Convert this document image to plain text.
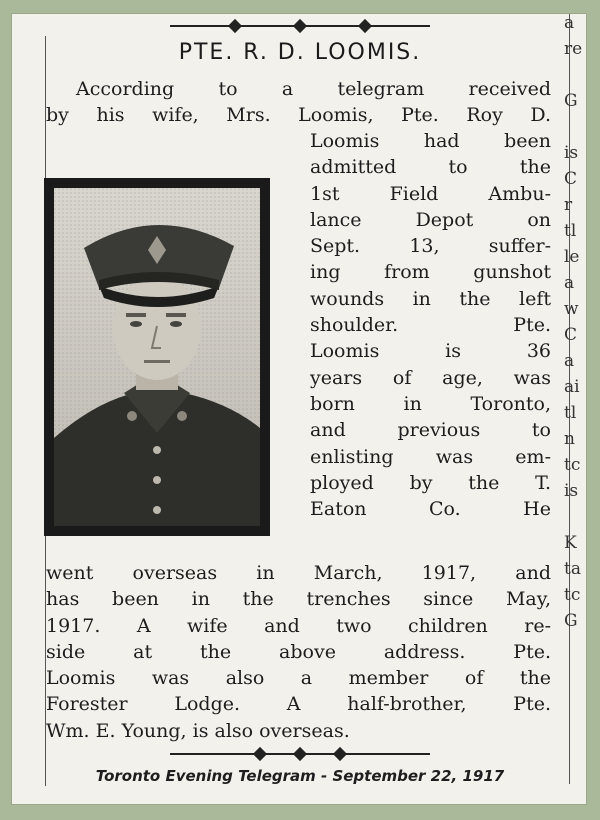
PTE. R. D. LOOMIS.
According to a telegram received
by his wife, Mrs. Loomis, Pte. Roy D.
Loomis had been
admitted to the
1st Field Ambu-
lance Depot on
Sept. 13, suffer-
ing from gunshot
wounds in the left
shoulder. Pte.
Loomis is 36
years of age, was
born in Toronto,
and previous to
enlisting was em-
ployed by the T.
Eaton Co. He
went overseas in March, 1917, and
has been in the trenches since May,
1917. A wife and two children re-
side at the above address. Pte.
Loomis was also a member of the
Forester Lodge. A half-brother, Pte.
Wm. E. Young, is also overseas.
a
re

G

is
C
r
tl
le
a
w
C
a
ai
tl
n
tc
is

K
ta
tc
G
Toronto Evening Telegram - September 22, 1917
